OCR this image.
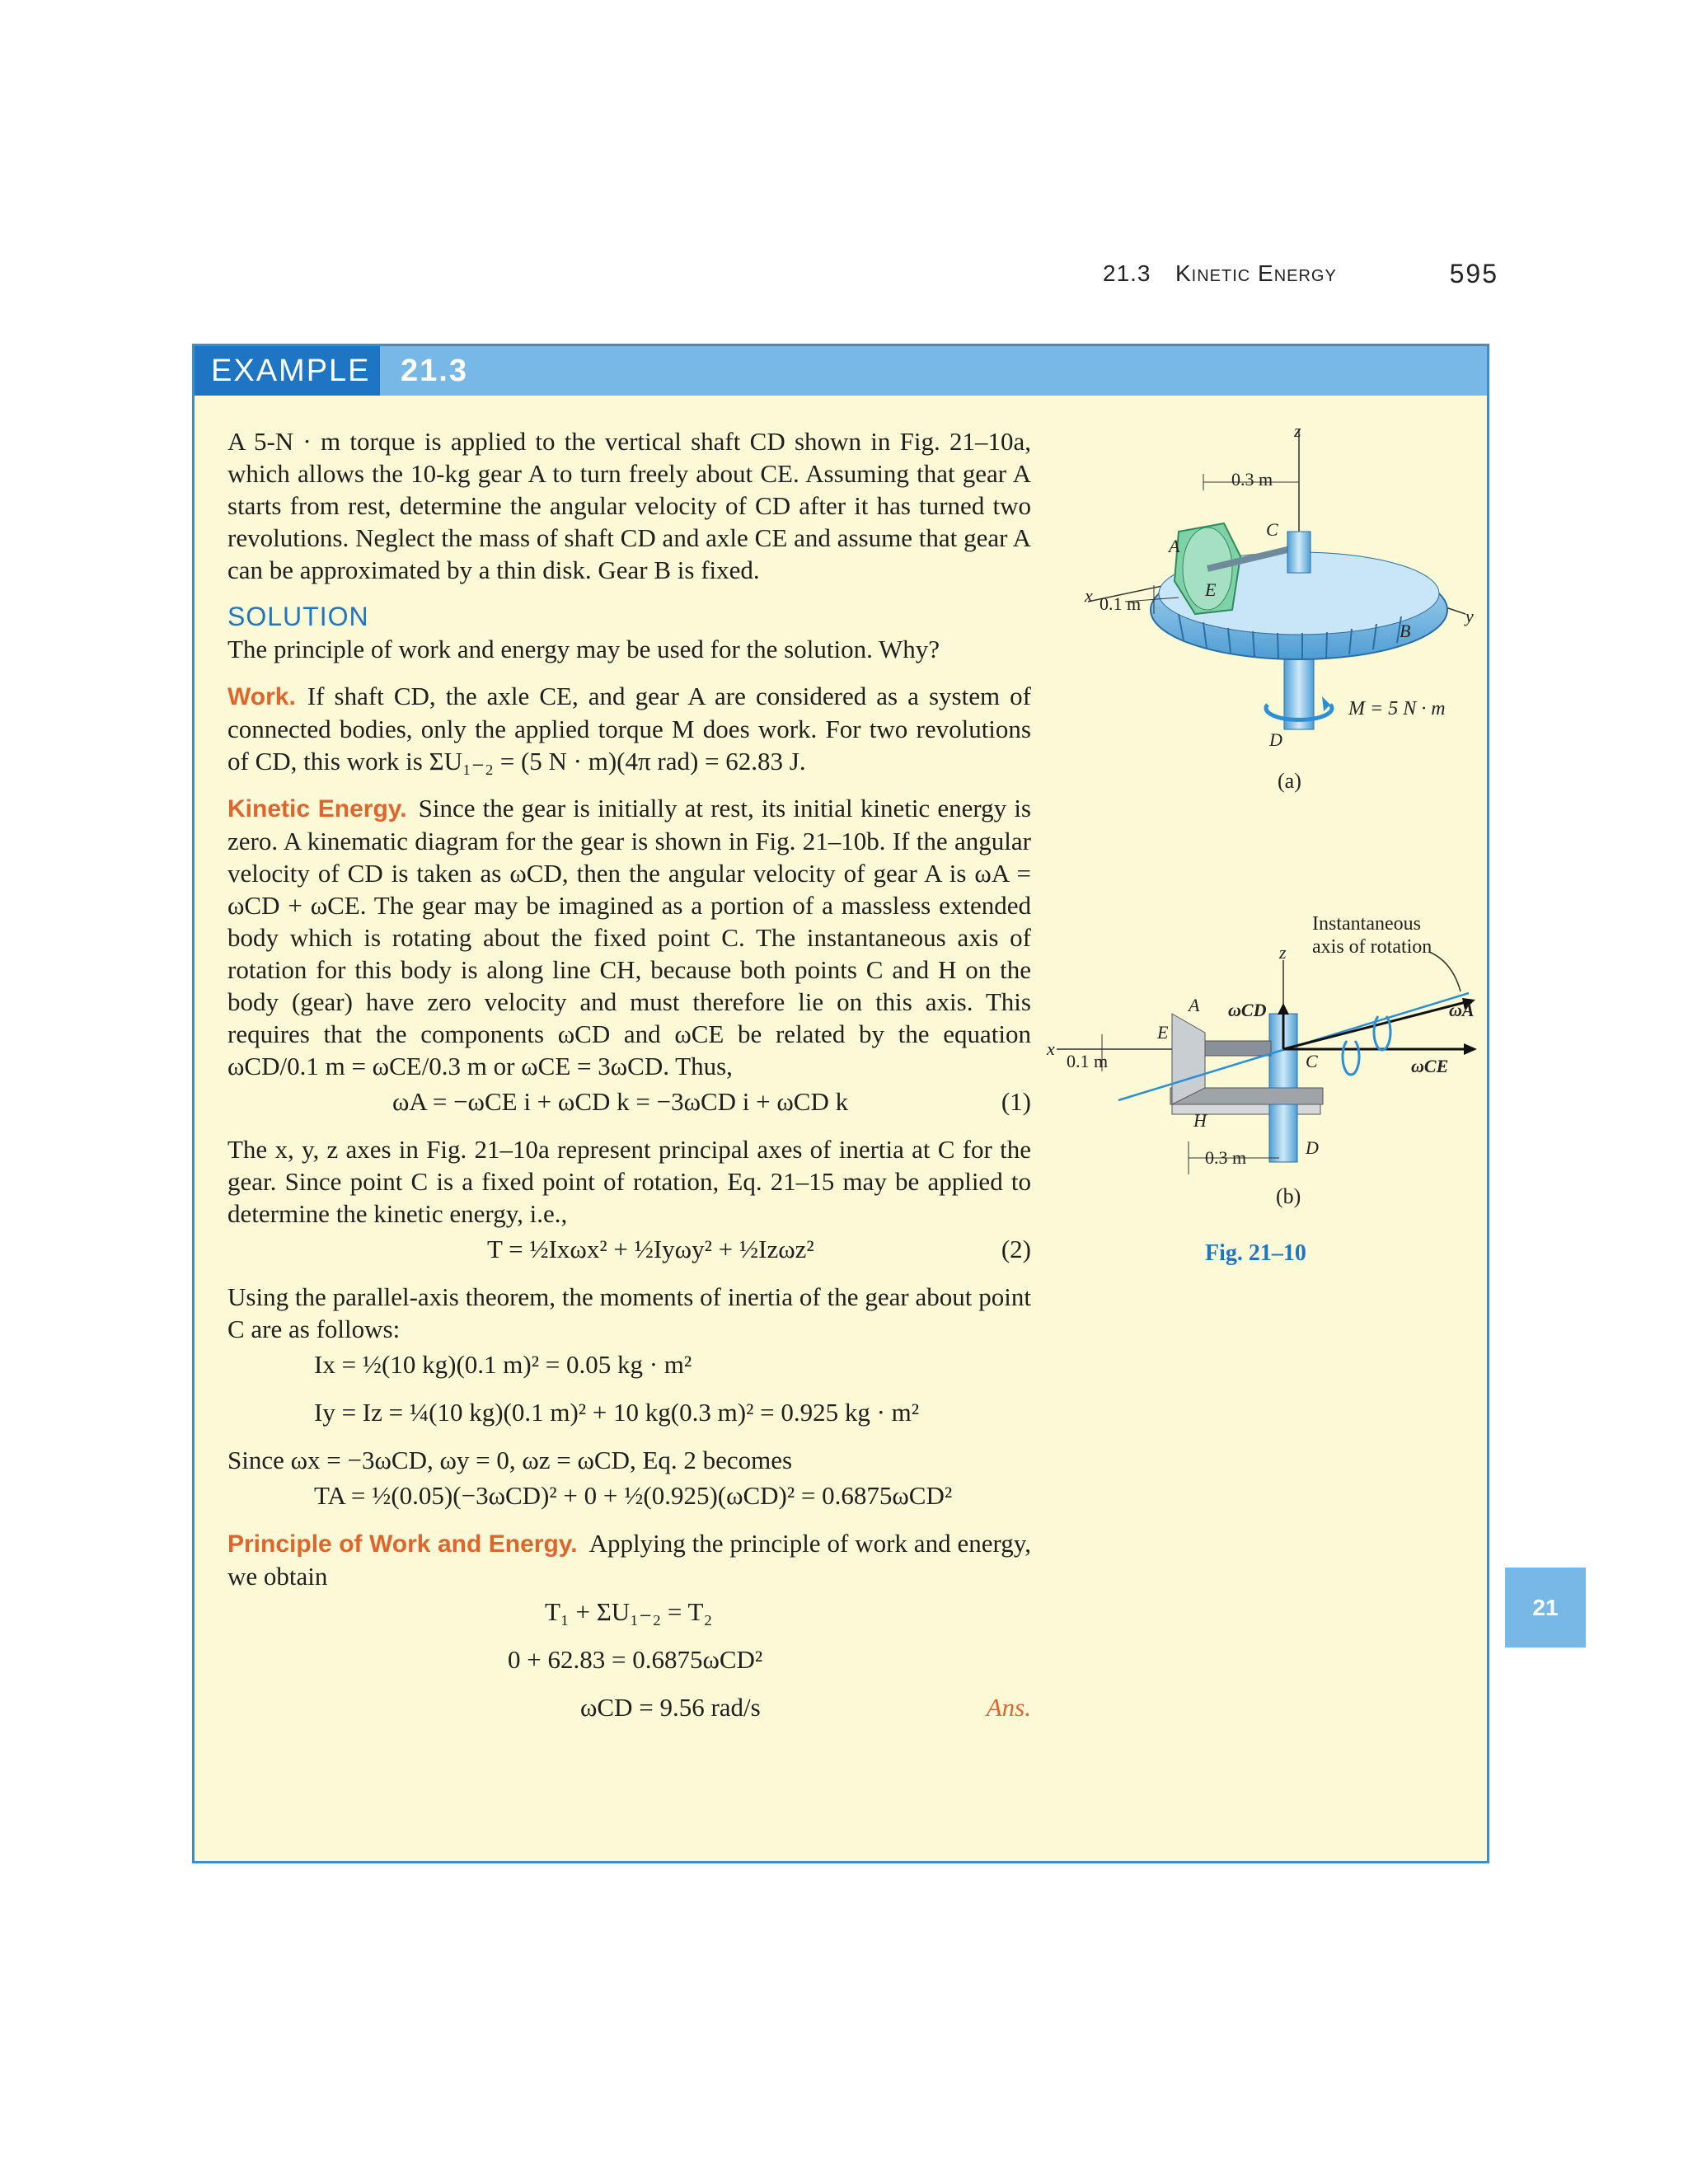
21.3 Kinetic Energy	595
EXAMPLE 21.3

A 5-N · m torque is applied to the vertical shaft CD shown in Fig. 21–10a, which allows the 10-kg gear A to turn freely about CE. Assuming that gear A starts from rest, determine the angular velocity of CD after it has turned two revolutions. Neglect the mass of shaft CD and axle CE and assume that gear A can be approximated by a thin disk. Gear B is fixed.

SOLUTION

The principle of work and energy may be used for the solution. Why?

Work. If shaft CD, the axle CE, and gear A are considered as a system of connected bodies, only the applied torque M does work. For two revolutions of CD, this work is ΣU₁₋₂ = (5 N · m)(4π rad) = 62.83 J.

Kinetic Energy. Since the gear is initially at rest, its initial kinetic energy is zero. A kinematic diagram for the gear is shown in Fig. 21–10b. If the angular velocity of CD is taken as ωCD, then the angular velocity of gear A is ωA = ωCD + ωCE. The gear may be imagined as a portion of a massless extended body which is rotating about the fixed point C. The instantaneous axis of rotation for this body is along line CH, because both points C and H on the body (gear) have zero velocity and must therefore lie on this axis. This requires that the components ωCD and ωCE be related by the equation ωCD/0.1 m = ωCE/0.3 m or ωCE = 3ωCD. Thus,

ωA = −ωCE i + ωCD k = −3ωCD i + ωCD k	(1)

The x, y, z axes in Fig. 21–10a represent principal axes of inertia at C for the gear. Since point C is a fixed point of rotation, Eq. 21–15 may be applied to determine the kinetic energy, i.e.,

T = ½Ixωx² + ½Iyωy² + ½Izωz²	(2)

Using the parallel-axis theorem, the moments of inertia of the gear about point C are as follows:

Ix = ½(10 kg)(0.1 m)² = 0.05 kg · m²
Iy = Iz = ¼(10 kg)(0.1 m)² + 10 kg(0.3 m)² = 0.925 kg · m²

Since ωx = −3ωCD, ωy = 0, ωz = ωCD, Eq. 2 becomes

TA = ½(0.05)(−3ωCD)² + 0 + ½(0.925)(ωCD)² = 0.6875ωCD²

Principle of Work and Energy. Applying the principle of work and energy, we obtain

T₁ + ΣU₁₋₂ = T₂
0 + 62.83 = 0.6875ωCD²
ωCD = 9.56 rad/s	Ans.
0.3 m
0.1 m
z
x
y
A
B
C
D
E
M = 5 N · m
(a)
z
x
A
E
C
D
H
0.1 m
0.3 m
ωCD	ωA
ωCE
Instantaneous
axis of rotation
(b)
Fig. 21–10
21
